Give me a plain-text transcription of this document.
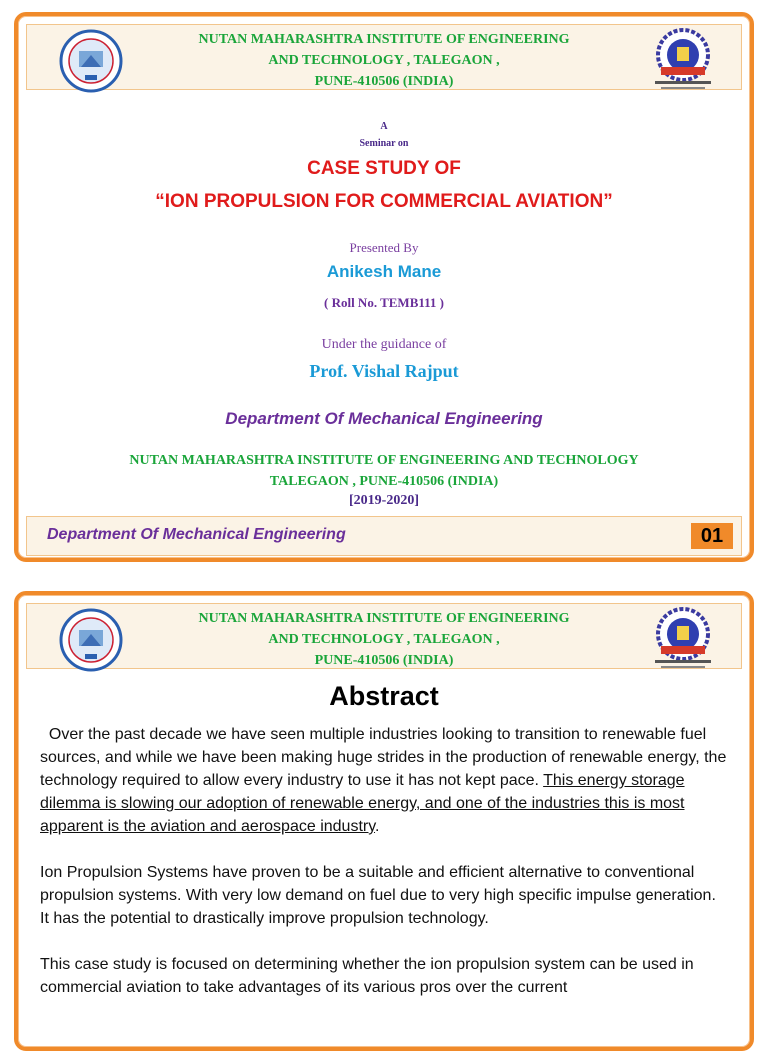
NUTAN MAHARASHTRA INSTITUTE OF ENGINEERING
AND TECHNOLOGY , TALEGAON ,
PUNE-410506 (INDIA)
A
Seminar on
CASE STUDY OF
“ION PROPULSION FOR COMMERCIAL AVIATION”
Presented By
Anikesh Mane
( Roll No. TEMB111 )
Under the guidance of
Prof. Vishal Rajput
Department Of Mechanical Engineering
NUTAN MAHARASHTRA INSTITUTE OF ENGINEERING AND TECHNOLOGY
TALEGAON , PUNE-410506 (INDIA)
[2019-2020]
Department Of Mechanical Engineering	01
NUTAN MAHARASHTRA INSTITUTE OF ENGINEERING
AND TECHNOLOGY , TALEGAON ,
PUNE-410506 (INDIA)
Abstract

Over the past decade we have seen multiple industries looking to transition to renewable fuel sources, and while we have been making huge strides in the production of renewable energy, the technology required to allow every industry to use it has not kept pace. This energy storage dilemma is slowing our adoption of renewable energy, and one of the industries this is most apparent is the aviation and aerospace industry.

Ion Propulsion Systems have proven to be a suitable and efficient alternative to conventional propulsion systems. With very low demand on fuel due to very high specific impulse generation. It has the potential to drastically improve propulsion technology.

This case study is focused on determining whether the ion propulsion system can be used in commercial aviation to take advantages of its various pros over the current
